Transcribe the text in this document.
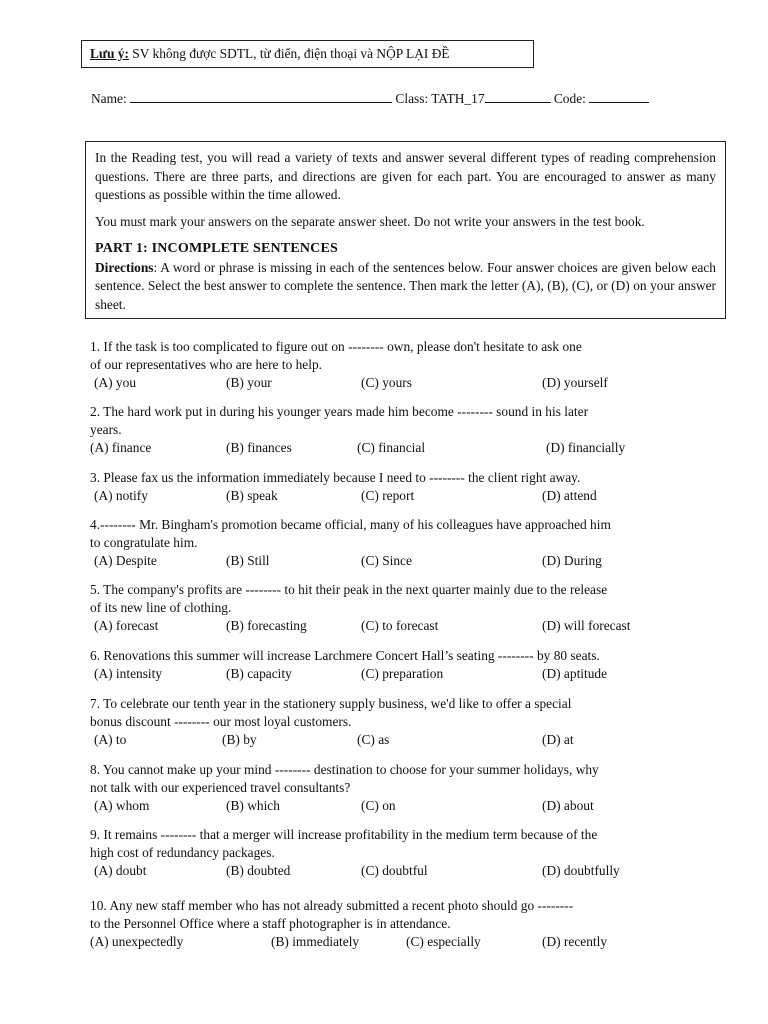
Lưu ý: SV không được SDTL, từ điển, điện thoại và NỘP LẠI ĐỀ
Name:	Class: TATH_17	Code:

In the Reading test, you will read a variety of texts and answer several different types of reading comprehension questions. There are three parts, and directions are given for each part. You are encouraged to answer as many questions as possible within the time allowed.

You must mark your answers on the separate answer sheet. Do not write your answers in the test book.

PART 1: INCOMPLETE SENTENCES

Directions: A word or phrase is missing in each of the sentences below. Four answer choices are given below each sentence. Select the best answer to complete the sentence. Then mark the letter (A), (B), (C), or (D) on your answer sheet.

1. If the task is too complicated to figure out on -------- own, please don't hesitate to ask one
of our representatives who are here to help.
(A) you	(B) your	(C) yours	(D) yourself
2. The hard work put in during his younger years made him become -------- sound in his later
years.
(A) finance	(B) finances	(C) financial	(D) financially
3. Please fax us the information immediately because I need to -------- the client right away.
(A) notify	(B) speak	(C) report	(D) attend
4.-------- Mr. Bingham's promotion became official, many of his colleagues have approached him
to congratulate him.
(A) Despite	(B) Still	(C) Since	(D) During
5. The company's profits are -------- to hit their peak in the next quarter mainly due to the release
of its new line of clothing.
(A) forecast	(B) forecasting	(C) to forecast	(D) will forecast
6. Renovations this summer will increase Larchmere Concert Hall’s seating -------- by 80 seats.
(A) intensity	(B) capacity	(C) preparation	(D) aptitude
7. To celebrate our tenth year in the stationery supply business, we'd like to offer a special
bonus discount -------- our most loyal customers.
(A) to	(B) by	(C) as	(D) at
8. You cannot make up your mind -------- destination to choose for your summer holidays, why
not talk with our experienced travel consultants?
(A) whom	(B) which	(C) on	(D) about
9. It remains -------- that a merger will increase profitability in the medium term because of the
high cost of redundancy packages.
(A) doubt	(B) doubted	(C) doubtful	(D) doubtfully
10. Any new staff member who has not already submitted a recent photo should go --------
to the Personnel Office where a staff photographer is in attendance.
(A) unexpectedly	(B) immediately	(C) especially	(D) recently
